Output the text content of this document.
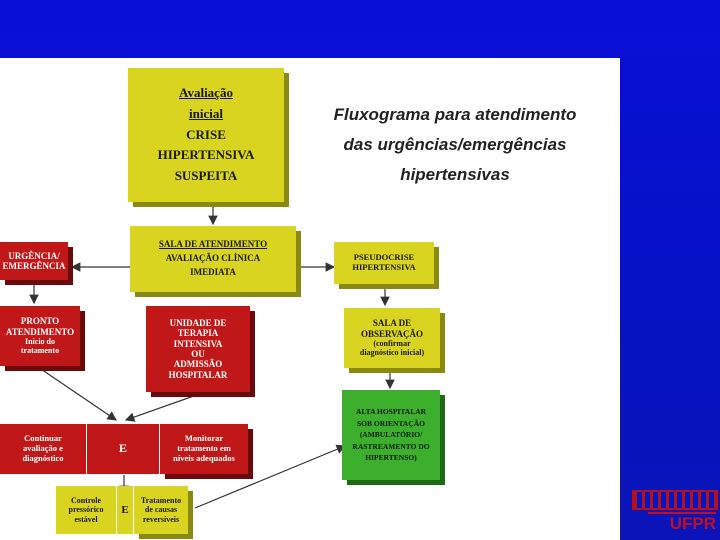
Fluxograma para atendimento
das urgências/emergências
hipertensivas
Avaliação
inicial
CRISE
HIPERTENSIVA
SUSPEITA
SALA DE ATENDIMENTO
AVALIAÇÃO CLÍNICA
IMEDIATA
URGÊNCIA/
EMERGÊNCIA
PSEUDOCRISE
HIPERTENSIVA
PRONTO
ATENDIMENTO
Início do
tratamento
UNIDADE DE
TERAPIA
INTENSIVA
OU
ADMISSÃO
HOSPITALAR
SALA DE
OBSERVAÇÃO
(confirmar
diagnóstico inicial)
ALTA HOSPITALAR
SOB ORIENTAÇÃO
(AMBULATÓRIO/
RASTREAMENTO DO
HIPERTENSO)
Continuar
avaliação e
diagnóstico
E
Monitorar
tratamento em
níveis adequados
Controle
pressórico
estável
E
Tratamento
de causas
reversíveis	UFPR
